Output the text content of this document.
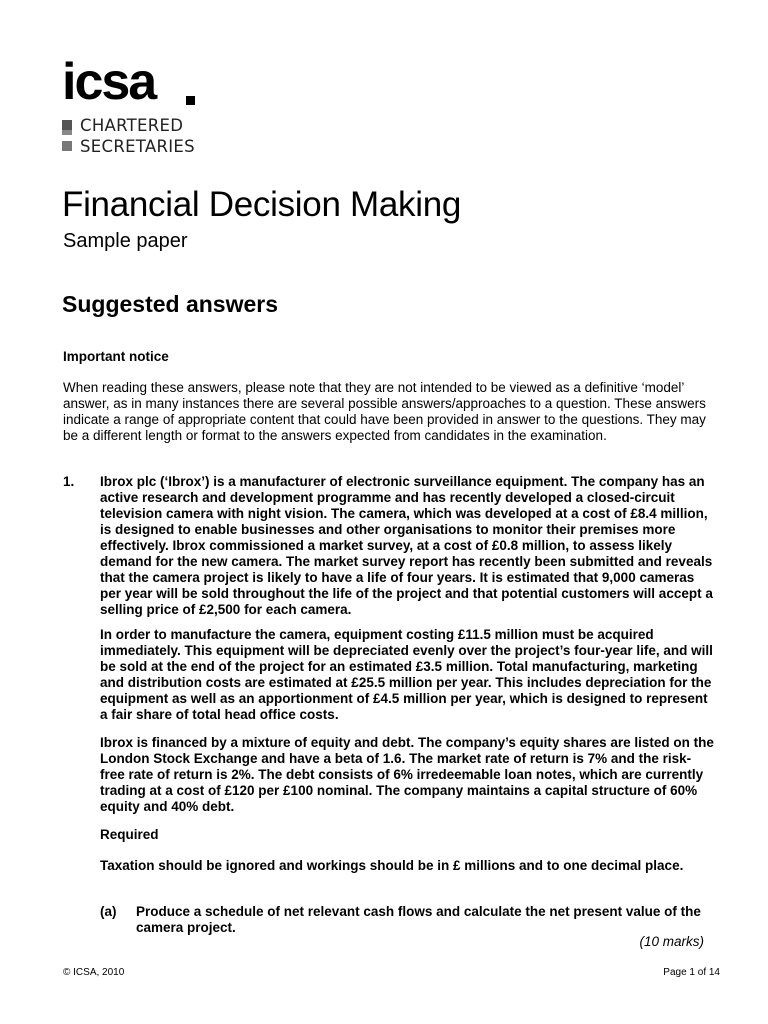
icsa
CHARTERED
SECRETARIES
Financial Decision Making
Sample paper
Suggested answers
Important notice
When reading these answers, please note that they are not intended to be viewed as a definitive ‘model’ answer, as in many instances there are several possible answers/approaches to a question. These answers indicate a range of appropriate content that could have been provided in answer to the questions. They may be a different length or format to the answers expected from candidates in the examination.
1. Ibrox plc (‘Ibrox’) is a manufacturer of electronic surveillance equipment. The company has an active research and development programme and has recently developed a closed-circuit television camera with night vision. The camera, which was developed at a cost of £8.4 million, is designed to enable businesses and other organisations to monitor their premises more effectively. Ibrox commissioned a market survey, at a cost of £0.8 million, to assess likely demand for the new camera. The market survey report has recently been submitted and reveals that the camera project is likely to have a life of four years. It is estimated that 9,000 cameras per year will be sold throughout the life of the project and that potential customers will accept a selling price of £2,500 for each camera.
In order to manufacture the camera, equipment costing £11.5 million must be acquired immediately. This equipment will be depreciated evenly over the project’s four-year life, and will be sold at the end of the project for an estimated £3.5 million. Total manufacturing, marketing and distribution costs are estimated at £25.5 million per year. This includes depreciation for the equipment as well as an apportionment of £4.5 million per year, which is designed to represent a fair share of total head office costs.
Ibrox is financed by a mixture of equity and debt. The company’s equity shares are listed on the London Stock Exchange and have a beta of 1.6. The market rate of return is 7% and the risk-free rate of return is 2%. The debt consists of 6% irredeemable loan notes, which are currently trading at a cost of £120 per £100 nominal. The company maintains a capital structure of 60% equity and 40% debt.
Required
Taxation should be ignored and workings should be in £ millions and to one decimal place.
(a) Produce a schedule of net relevant cash flows and calculate the net present value of the camera project.
(10 marks)
© ICSA, 2010	Page 1 of 14
